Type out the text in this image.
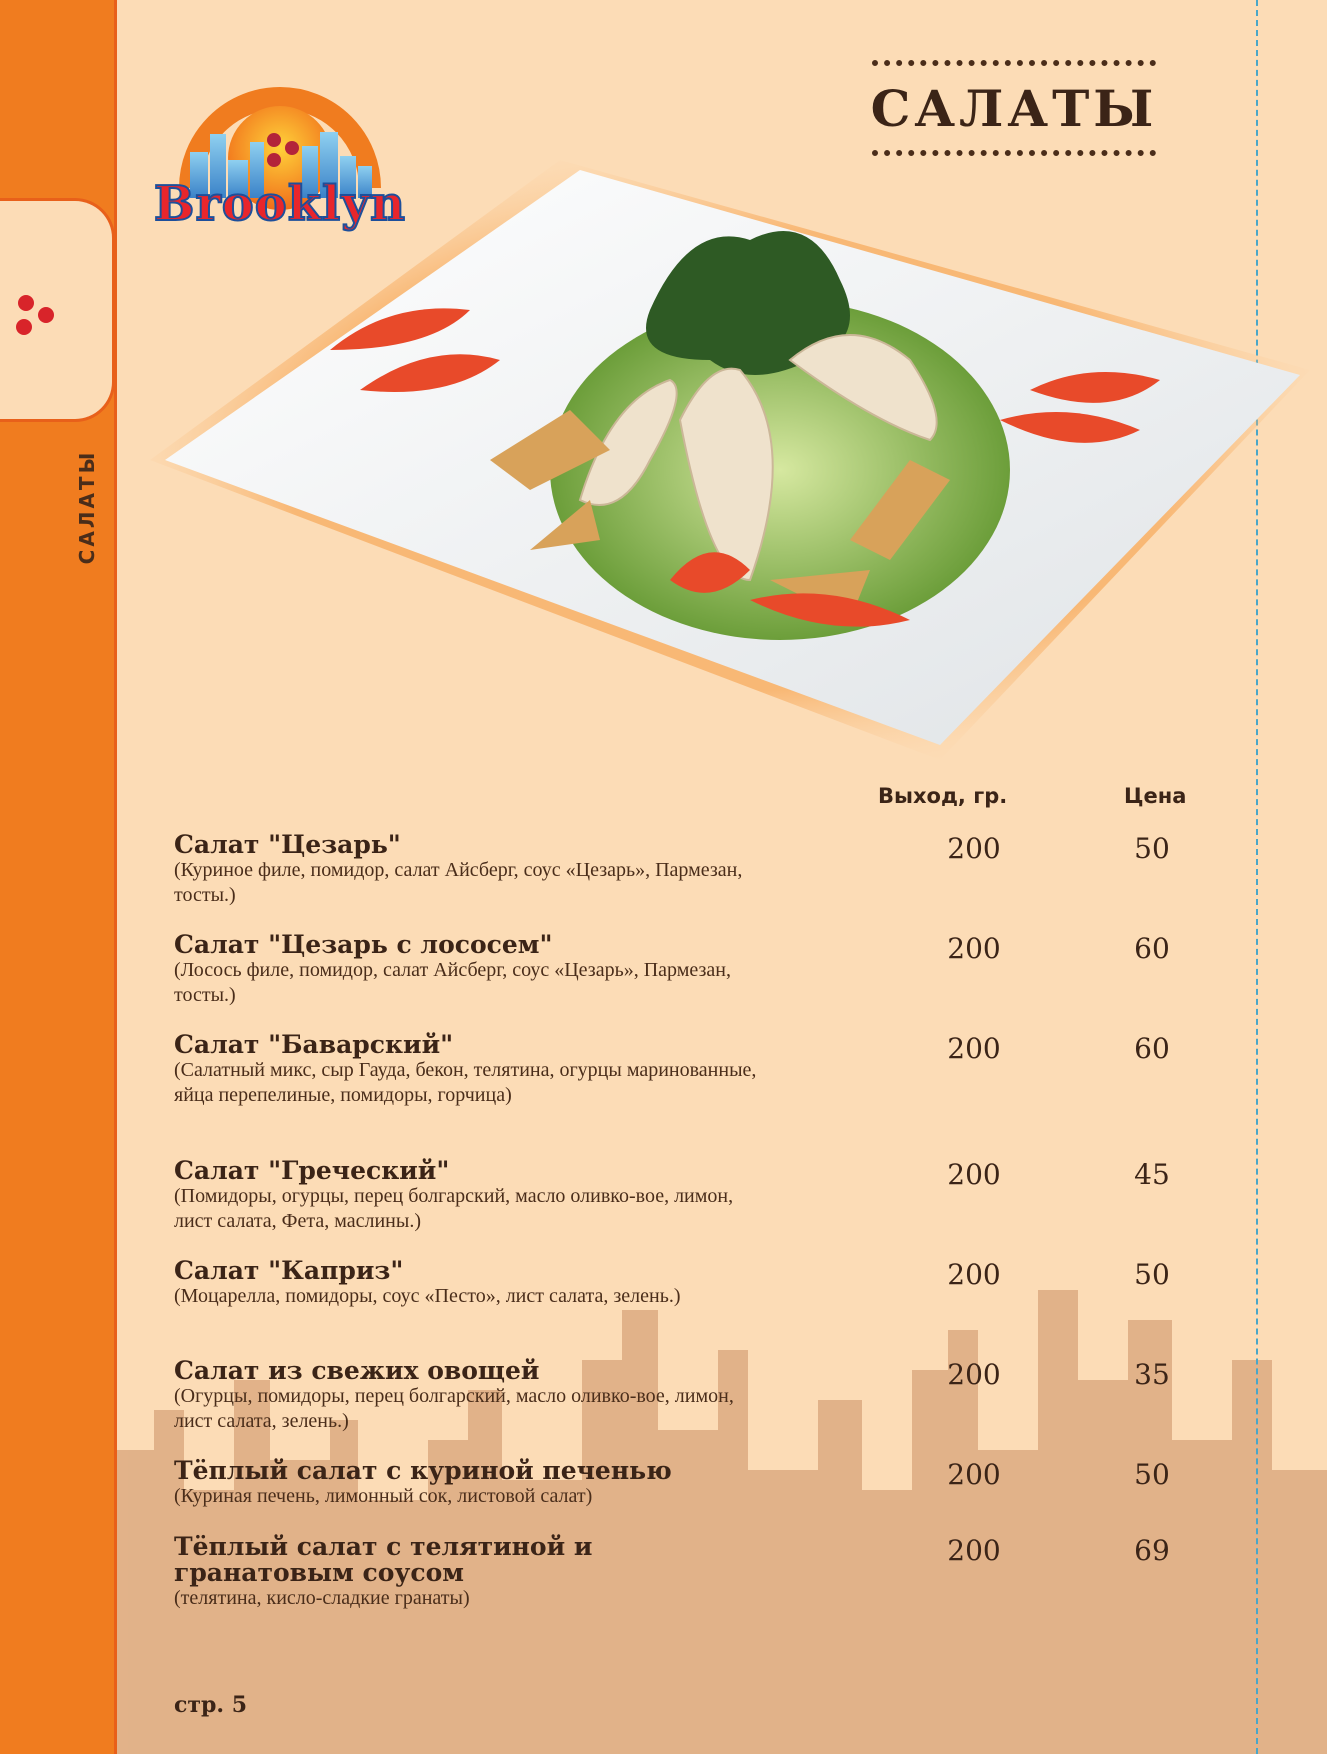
САЛАТЫ
Brooklyn
САЛАТЫ
Выход, гр.	Цена
Салат "Цезарь"
(Куриное филе, помидор, салат Айсберг, соус «Цезарь», Пармезан, тосты.)
200	50
Салат "Цезарь с лососем"
(Лосось филе, помидор, салат Айсберг, соус «Цезарь», Пармезан, тосты.)
200	60
Салат "Баварский"
(Салатный микс, сыр Гауда, бекон, телятина, огурцы маринованные, яйца перепелиные, помидоры, горчица)
200	60
Салат "Греческий"
(Помидоры, огурцы, перец болгарский, масло оливко-вое, лимон, лист салата, Фета, маслины.)
200	45
Салат "Каприз"
(Моцарелла, помидоры, соус «Песто», лист салата, зелень.)
200	50
Салат из свежих овощей
(Огурцы, помидоры, перец болгарский, масло оливко-вое, лимон, лист салата, зелень.)
200	35
Тёплый салат с куриной печенью
(Куриная печень, лимонный сок, листовой салат)
200	50
Тёплый салат с телятиной и гранатовым соусом
(телятина, кисло-сладкие гранаты)
200	69
стр. 5
